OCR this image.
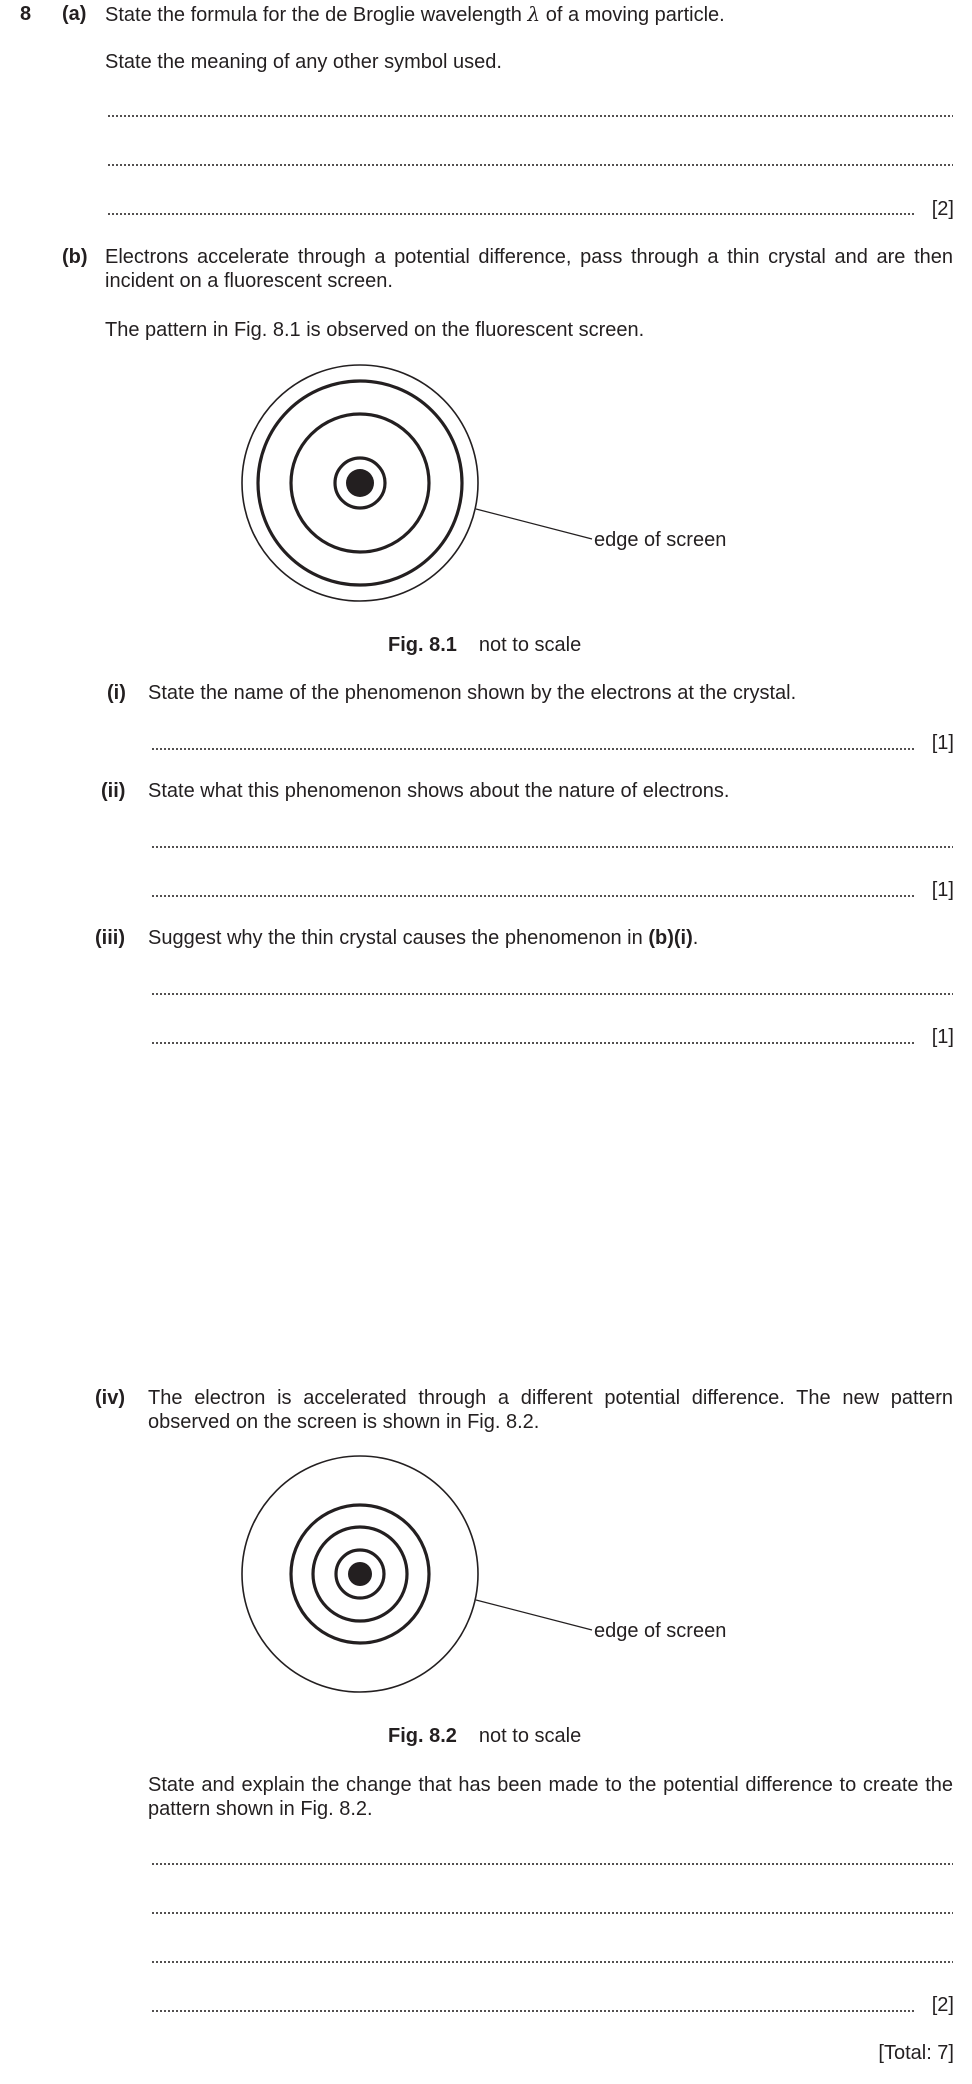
8 (a) State the formula for the de Broglie wavelength λ of a moving particle.
State the meaning of any other symbol used.
[2]
(b) Electrons accelerate through a potential difference, pass through a thin crystal and are then incident on a fluorescent screen.
The pattern in Fig. 8.1 is observed on the fluorescent screen.
edge of screen
Fig. 8.1 not to scale
(i) State the name of the phenomenon shown by the electrons at the crystal.
[1]
(ii) State what this phenomenon shows about the nature of electrons.
[1]
(iii) Suggest why the thin crystal causes the phenomenon in (b)(i).
[1]
(iv) The electron is accelerated through a different potential difference. The new pattern observed on the screen is shown in Fig. 8.2.
edge of screen
Fig. 8.2 not to scale
State and explain the change that has been made to the potential difference to create the pattern shown in Fig. 8.2.
[2]
[Total: 7]
